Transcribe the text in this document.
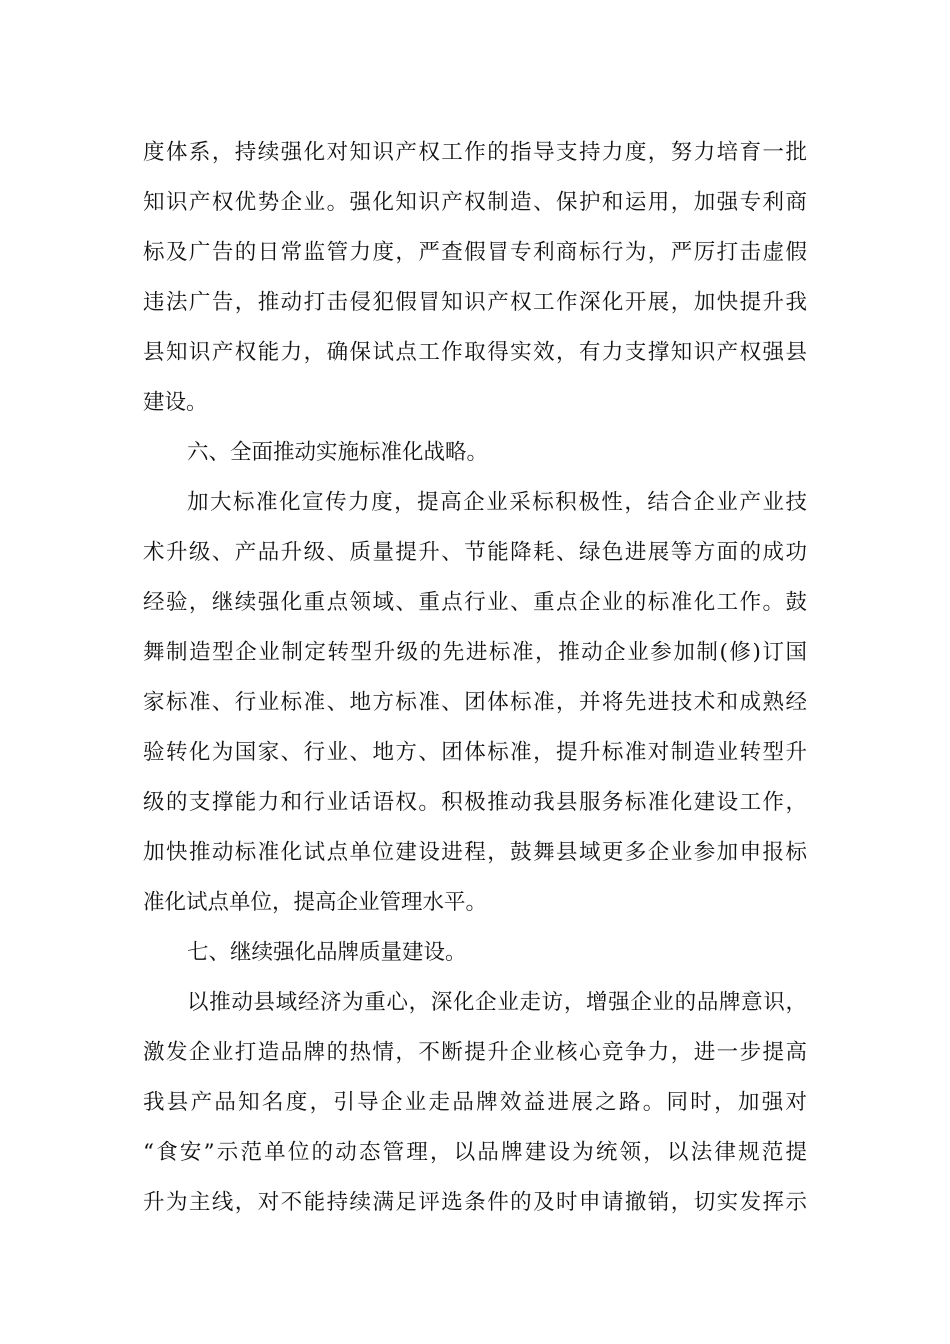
度体系，持续强化对知识产权工作的指导支持力度，努力培育一批
知识产权优势企业。强化知识产权制造、保护和运用，加强专利商
标及广告的日常监管力度，严查假冒专利商标行为，严厉打击虚假
违法广告，推动打击侵犯假冒知识产权工作深化开展，加快提升我
县知识产权能力，确保试点工作取得实效，有力支撑知识产权强县
建设。
六、全面推动实施标准化战略。
加大标准化宣传力度，提高企业采标积极性，结合企业产业技
术升级、产品升级、质量提升、节能降耗、绿色进展等方面的成功
经验，继续强化重点领域、重点行业、重点企业的标准化工作。鼓
舞制造型企业制定转型升级的先进标准，推动企业参加制(修)订国
家标准、行业标准、地方标准、团体标准，并将先进技术和成熟经
验转化为国家、行业、地方、团体标准，提升标准对制造业转型升
级的支撑能力和行业话语权。积极推动我县服务标准化建设工作，
加快推动标准化试点单位建设进程，鼓舞县域更多企业参加申报标
准化试点单位，提高企业管理水平。
七、继续强化品牌质量建设。
以推动县域经济为重心，深化企业走访，增强企业的品牌意识，
激发企业打造品牌的热情，不断提升企业核心竞争力，进一步提高
我县产品知名度，引导企业走品牌效益进展之路。同时，加强对
“食安”示范单位的动态管理，以品牌建设为统领，以法律规范提
升为主线，对不能持续满足评选条件的及时申请撤销，切实发挥示
